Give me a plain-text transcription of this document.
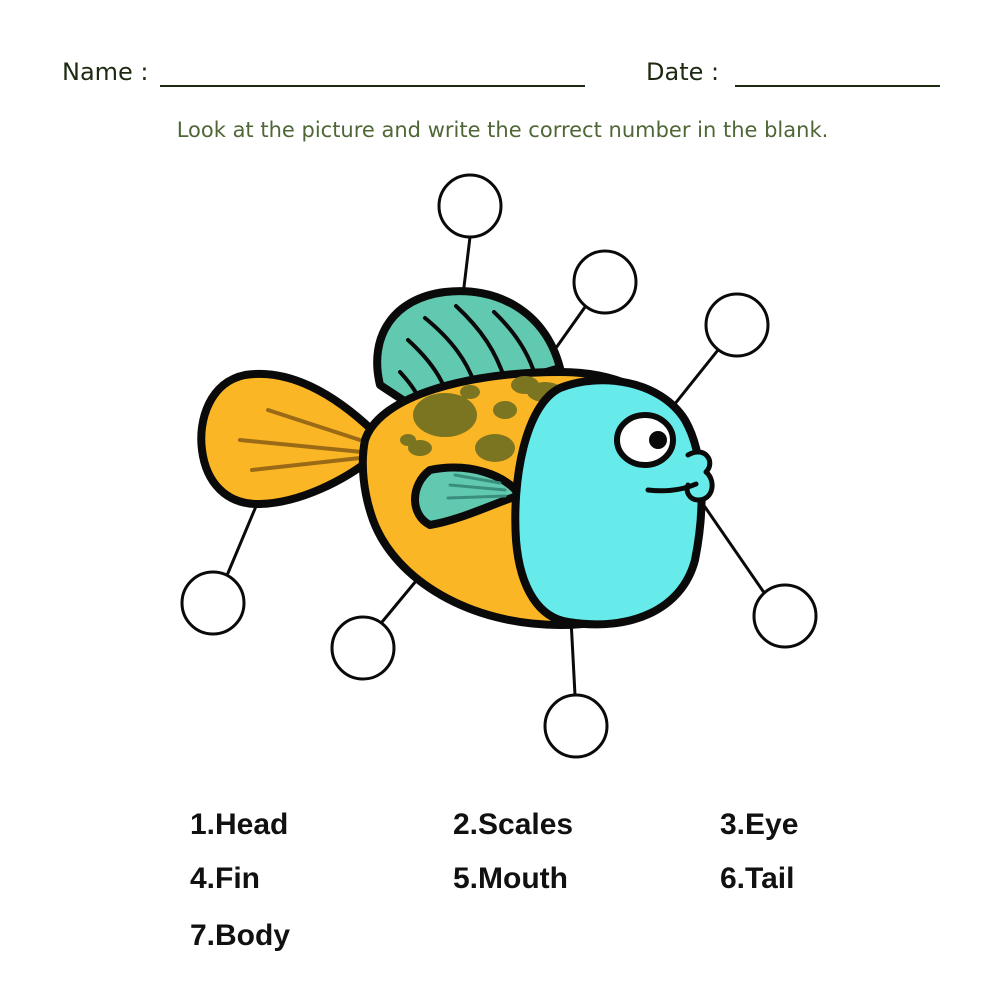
Name :	Date :
Look at the picture and write the correct number in the blank.
1.Head	2.Scales	3.Eye
4.Fin	5.Mouth	6.Tail
7.Body
